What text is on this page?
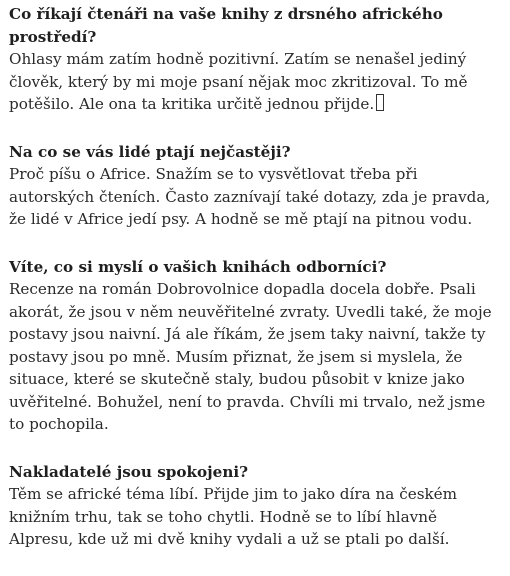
Co říkají čtenáři na vaše knihy z drsného afrického prostředí?

Ohlasy mám zatím hodně pozitivní. Zatím se nenašel jediný člověk, který by mi moje psaní nějak moc zkritizoval. To mě potěšilo. Ale ona ta kritika určitě jednou přijde.

Na co se vás lidé ptají nejčastěji?

Proč píšu o Africe. Snažím se to vysvětlovat třeba při autorských čteních. Často zaznívají také dotazy, zda je pravda, že lidé v Africe jedí psy. A hodně se mě ptají na pitnou vodu.

Víte, co si myslí o vašich knihách odborníci?

Recenze na román Dobrovolnice dopadla docela dobře. Psali akorát, že jsou v něm neuvěřitelné zvraty. Uvedli také, že moje postavy jsou naivní. Já ale říkám, že jsem taky naivní, takže ty postavy jsou po mně. Musím přiznat, že jsem si myslela, že situace, které se skutečně staly, budou působit v knize jako uvěřitelné. Bohužel, není to pravda. Chvíli mi trvalo, než jsme to pochopila.

Nakladatelé jsou spokojeni?

Těm se africké téma líbí. Přijde jim to jako díra na českém knižním trhu, tak se toho chytli. Hodně se to líbí hlavně Alpresu, kde už mi dvě knihy vydali a už se ptali po další.
